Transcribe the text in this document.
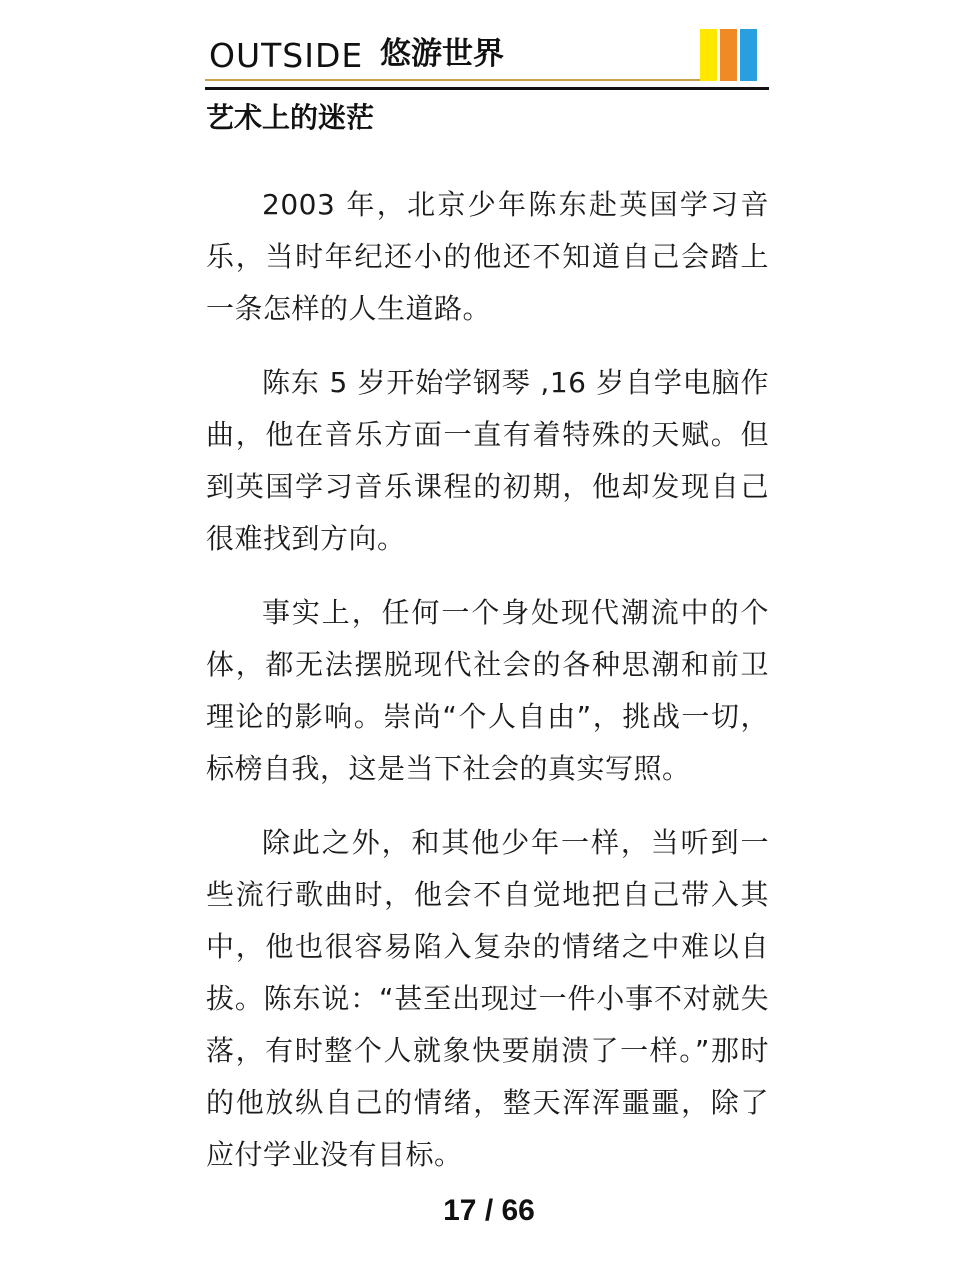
OUTSIDE 悠游世界
艺术上的迷茫

2003 年，北京少年陈东赴英国学习音乐，当时年纪还小的他还不知道自己会踏上一条怎样的人生道路。

陈东 5 岁开始学钢琴 ,16 岁自学电脑作曲，他在音乐方面一直有着特殊的天赋。但到英国学习音乐课程的初期，他却发现自己很难找到方向。

事实上，任何一个身处现代潮流中的个体，都无法摆脱现代社会的各种思潮和前卫理论的影响。崇尚“个人自由”，挑战一切，标榜自我，这是当下社会的真实写照。

除此之外，和其他少年一样，当听到一些流行歌曲时，他会不自觉地把自己带入其中，他也很容易陷入复杂的情绪之中难以自拔。陈东说：“甚至出现过一件小事不对就失落，有时整个人就象快要崩溃了一样。”那时的他放纵自己的情绪，整天浑浑噩噩，除了应付学业没有目标。

17 / 66
